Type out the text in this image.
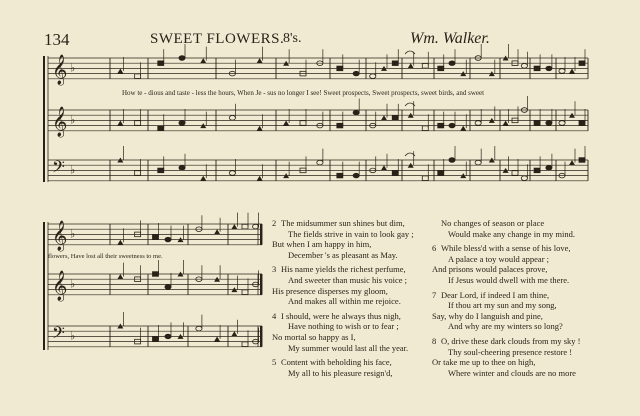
134	SWEET FLOWERS.
8's.	Wm. Walker.
𝄞 ♭
𝄞 ♭
𝄢 ♭
𝄞 ♭
𝄞 ♭
𝄢 ♭
How te - dious and taste - less the hours, When Je - sus no longer I see! Sweet prospects, Sweet prospects, sweet birds, and sweet
flowers, Have lost all their sweetness to me.
2 The midsummer sun shines but dim,
The fields strive in vain to look gay ;
But when I am happy in him,
December 's as pleasant as May.
3 His name yields the richest perfume,
And sweeter than music his voice ;
His presence disperses my gloom,
And makes all within me rejoice.
4 I should, were he always thus nigh,
Have nothing to wish or to fear ;
No mortal so happy as I,
My summer would last all the year.
5 Content with beholding his face,
My all to his pleasure resign'd,
No changes of season or place
Would make any change in my mind.
6 While bless'd with a sense of his love,
A palace a toy would appear ;
And prisons would palaces prove,
If Jesus would dwell with me there.
7 Dear Lord, if indeed I am thine,
If thou art my sun and my song,
Say, why do I languish and pine,
And why are my winters so long?
8 O, drive these dark clouds from my sky !
Thy soul-cheering presence restore !
Or take me up to thee on high,
Where winter and clouds are no more
